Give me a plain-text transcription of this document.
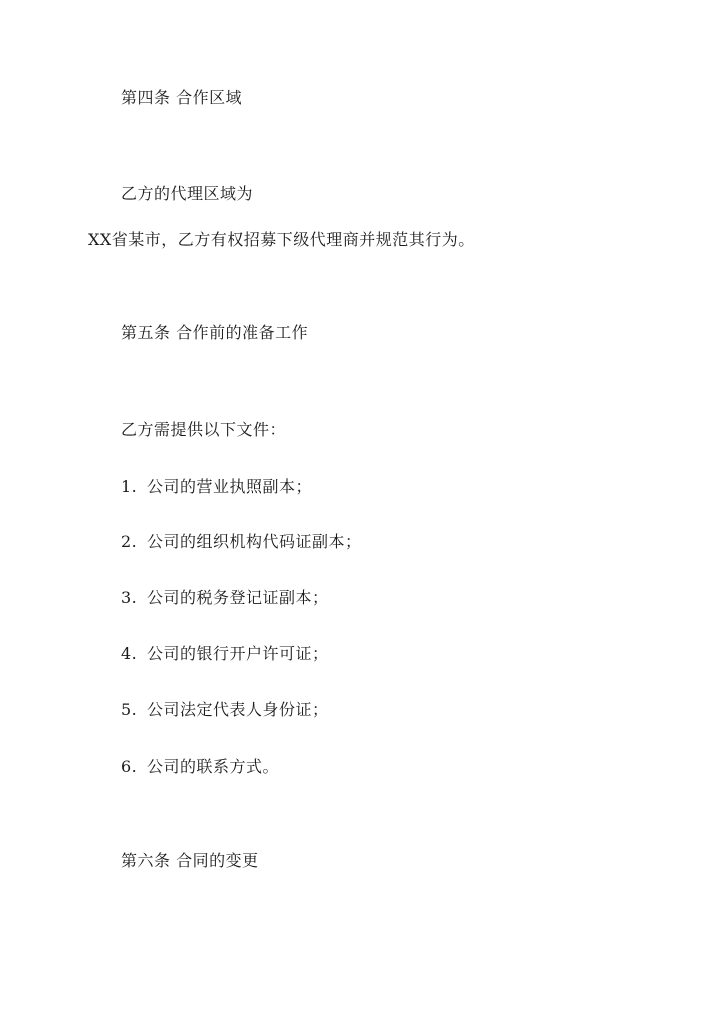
第四条 合作区域
乙方的代理区域为
XX省某市，乙方有权招募下级代理商并规范其行为。
第五条 合作前的准备工作
乙方需提供以下文件：
1. 公司的营业执照副本；
2. 公司的组织机构代码证副本；
3. 公司的税务登记证副本；
4. 公司的银行开户许可证；
5. 公司法定代表人身份证；
6. 公司的联系方式。
第六条 合同的变更
